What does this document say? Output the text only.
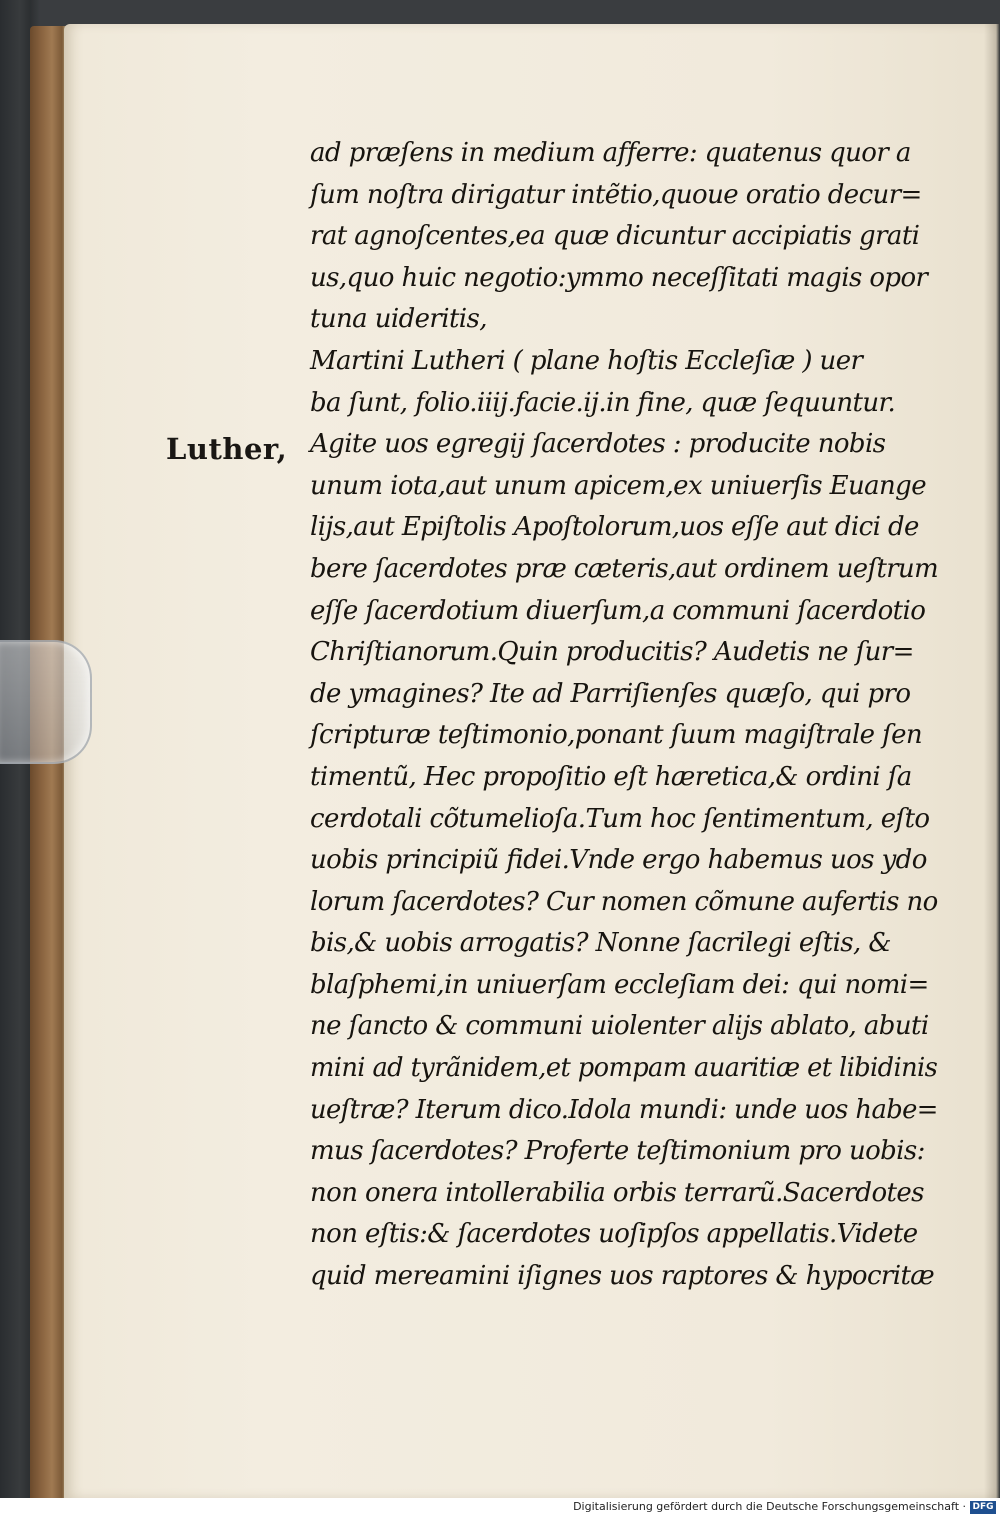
Luther,
ad præſens in medium afferre: quatenus quor a
ſum noſtra dirigatur intẽtio,quoue oratio decur=
rat agnoſcentes,ea quæ dicuntur accipiatis grati
us,quo huic negotio:ymmo neceſſitati magis opor
tuna uideritis,
Martini Lutheri ( plane hoſtis Eccleſiæ ) uer
ba ſunt, folio.iiij.facie.ij.in fine, quæ ſequuntur.
Agite uos egregij ſacerdotes : producite nobis
unum iota,aut unum apicem,ex uniuerſis Euange
lijs,aut Epiſtolis Apoſtolorum,uos eſſe aut dici de
bere ſacerdotes præ cæteris,aut ordinem ueſtrum
eſſe ſacerdotium diuerſum,a communi ſacerdotio
Chriſtianorum.Quin producitis? Audetis ne ſur=
de ymagines? Ite ad Parriſienſes quæſo, qui pro
ſcripturæ teſtimonio,ponant ſuum magiſtrale ſen
timentũ, Hec propoſitio eſt hæretica,& ordini ſa
cerdotali cõtumelioſa.Tum hoc ſentimentum, eſto
uobis principiũ fidei.Vnde ergo habemus uos ydo
lorum ſacerdotes? Cur nomen cõmune aufertis no
bis,& uobis arrogatis? Nonne ſacrilegi eſtis, &
blaſphemi,in uniuerſam eccleſiam dei: qui nomi=
ne ſancto & communi uiolenter alijs ablato, abuti
mini ad tyrãnidem,et pompam auaritiæ et libidinis
ueſtræ? Iterum dico.Idola mundi: unde uos habe=
mus ſacerdotes? Proferte teſtimonium pro uobis:
non onera intollerabilia orbis terrarũ.Sacerdotes
non eſtis:& ſacerdotes uoſipſos appellatis.Videte
quid mereamini iſignes uos raptores & hypocritæ
Digitalisierung gefördert durch die Deutsche Forschungsgemeinschaft · DFG
